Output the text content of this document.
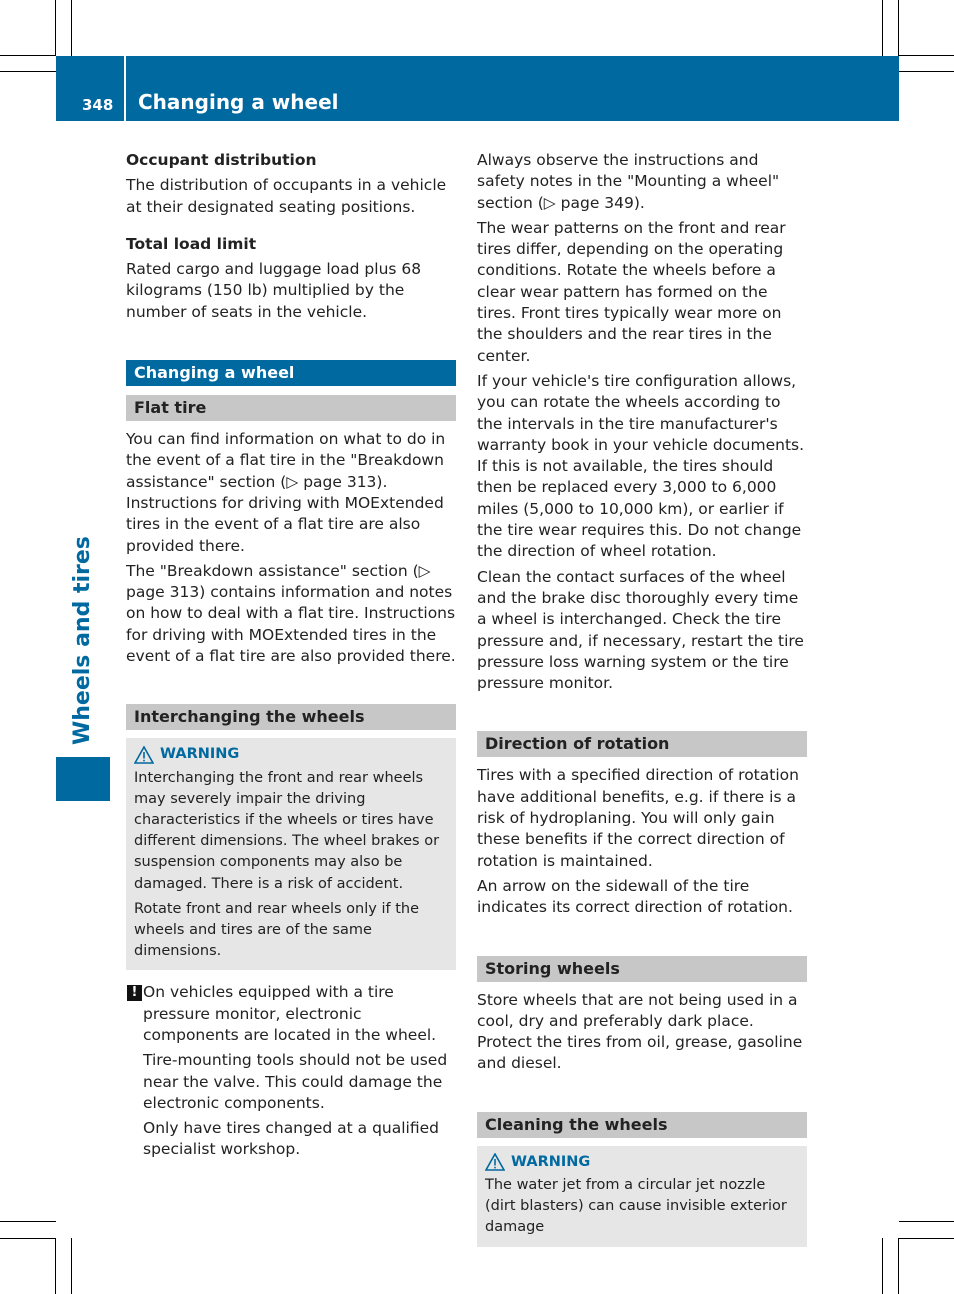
348 Changing a wheel
Wheels and tires

Occupant distribution

The distribution of occupants in a vehicle at their designated seating positions.

Total load limit

Rated cargo and luggage load plus 68 kilograms (150 lb) multiplied by the number of seats in the vehicle.

Changing a wheel
Flat tire

You can find information on what to do in the event of a flat tire in the "Breakdown assistance" section (▷ page 313). Instructions for driving with MOExtended tires in the event of a flat tire are also provided there.

The "Breakdown assistance" section (▷ page 313) contains information and notes on how to deal with a flat tire. Instructions for driving with MOExtended tires in the event of a flat tire are also provided there.

Interchanging the wheels
WARNING

Interchanging the front and rear wheels may severely impair the driving characteristics if the wheels or tires have different dimensions. The wheel brakes or suspension components may also be damaged. There is a risk of accident.

Rotate front and rear wheels only if the wheels and tires are of the same dimensions.

! On vehicles equipped with a tire pressure monitor, electronic components are located in the wheel.

Tire-mounting tools should not be used near the valve. This could damage the electronic components.

Only have tires changed at a qualified specialist workshop.

Always observe the instructions and safety notes in the "Mounting a wheel" section (▷ page 349).

The wear patterns on the front and rear tires differ, depending on the operating conditions. Rotate the wheels before a clear wear pattern has formed on the tires. Front tires typically wear more on the shoulders and the rear tires in the center.

If your vehicle's tire configuration allows, you can rotate the wheels according to the intervals in the tire manufacturer's warranty book in your vehicle documents. If this is not available, the tires should then be replaced every 3,000 to 6,000 miles (5,000 to 10,000 km), or earlier if the tire wear requires this. Do not change the direction of wheel rotation.

Clean the contact surfaces of the wheel and the brake disc thoroughly every time a wheel is interchanged. Check the tire pressure and, if necessary, restart the tire pressure loss warning system or the tire pressure monitor.

Direction of rotation

Tires with a specified direction of rotation have additional benefits, e.g. if there is a risk of hydroplaning. You will only gain these benefits if the correct direction of rotation is maintained.

An arrow on the sidewall of the tire indicates its correct direction of rotation.

Storing wheels

Store wheels that are not being used in a cool, dry and preferably dark place. Protect the tires from oil, grease, gasoline and diesel.

Cleaning the wheels
WARNING

The water jet from a circular jet nozzle (dirt blasters) can cause invisible exterior damage
